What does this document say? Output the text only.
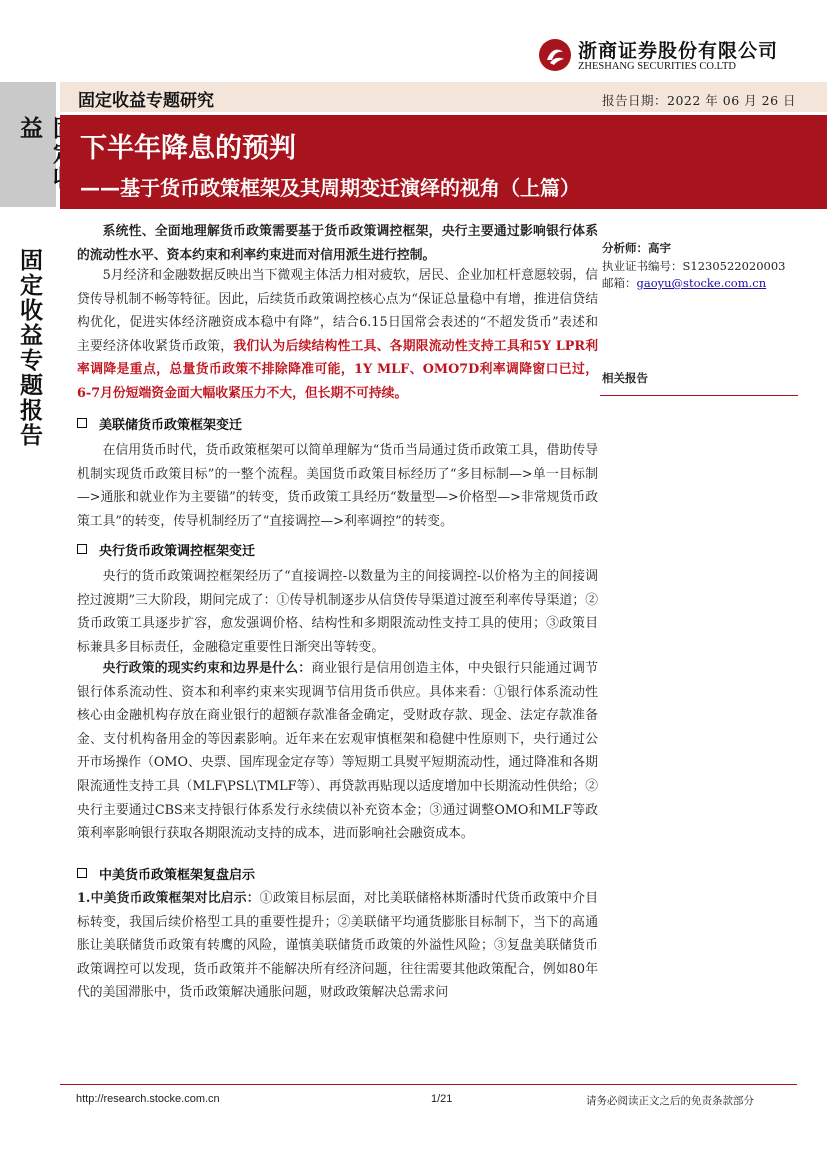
浙商证券股份有限公司
ZHESHANG SECURITIES CO.LTD
益
固定收益专题报告
固定收益专题研究	报告日期：2022 年 06 月 26 日
下半年降息的预判
——基于货币政策框架及其周期变迁演绎的视角（上篇）
系统性、全面地理解货币政策需要基于货币政策调控框架，央行主要通过影响银行体系的流动性水平、资本约束和利率约束进而对信用派生进行控制。
5月经济和金融数据反映出当下微观主体活力相对疲软，居民、企业加杠杆意愿较弱，信贷传导机制不畅等特征。因此，后续货币政策调控核心点为“保证总量稳中有增，推进信贷结构优化，促进实体经济融资成本稳中有降”，结合6.15日国常会表述的“不超发货币”表述和主要经济体收紧货币政策，我们认为后续结构性工具、各期限流动性支持工具和5Y LPR利率调降是重点，总量货币政策不排除降准可能，1Y MLF、OMO7D利率调降窗口已过，6-7月份短端资金面大幅收紧压力不大，但长期不可持续。
美联储货币政策框架变迁
在信用货币时代，货币政策框架可以简单理解为“货币当局通过货币政策工具，借助传导机制实现货币政策目标”的一整个流程。美国货币政策目标经历了“多目标制—>单一目标制—>通胀和就业作为主要锚”的转变，货币政策工具经历“数量型—>价格型—>非常规货币政策工具”的转变，传导机制经历了“直接调控—>利率调控”的转变。
央行货币政策调控框架变迁
央行的货币政策调控框架经历了“直接调控-以数量为主的间接调控-以价格为主的间接调控过渡期”三大阶段，期间完成了：①传导机制逐步从信贷传导渠道过渡至利率传导渠道；②货币政策工具逐步扩容，愈发强调价格、结构性和多期限流动性支持工具的使用；③政策目标兼具多目标责任，金融稳定重要性日渐突出等转变。
央行政策的现实约束和边界是什么：商业银行是信用创造主体，中央银行只能通过调节银行体系流动性、资本和利率约束来实现调节信用货币供应。具体来看：①银行体系流动性核心由金融机构存放在商业银行的超额存款准备金确定，受财政存款、现金、法定存款准备金、支付机构备用金的等因素影响。近年来在宏观审慎框架和稳健中性原则下，央行通过公开市场操作（OMO、央票、国库现金定存等）等短期工具熨平短期流动性，通过降准和各期限流通性支持工具（MLF\PSL\TMLF等）、再贷款再贴现以适度增加中长期流动性供给；②央行主要通过CBS来支持银行体系发行永续债以补充资本金；③通过调整OMO和MLF等政策利率影响银行获取各期限流动支持的成本，进而影响社会融资成本。
中美货币政策框架复盘启示
1.中美货币政策框架对比启示：①政策目标层面，对比美联储格林斯潘时代货币政策中介目标转变，我国后续价格型工具的重要性提升；②美联储平均通货膨胀目标制下，当下的高通胀让美联储货币政策有转鹰的风险，谨慎美联储货币政策的外溢性风险；③复盘美联储货币政策调控可以发现，货币政策并不能解决所有经济问题，往往需要其他政策配合，例如80年代的美国滞胀中，货币政策解决通胀问题，财政政策解决总需求问
分析师：高宇
执业证书编号：S1230522020003
邮箱：gaoyu@stocke.com.cn
相关报告
http://research.stocke.com.cn	1/21	请务必阅读正文之后的免责条款部分
